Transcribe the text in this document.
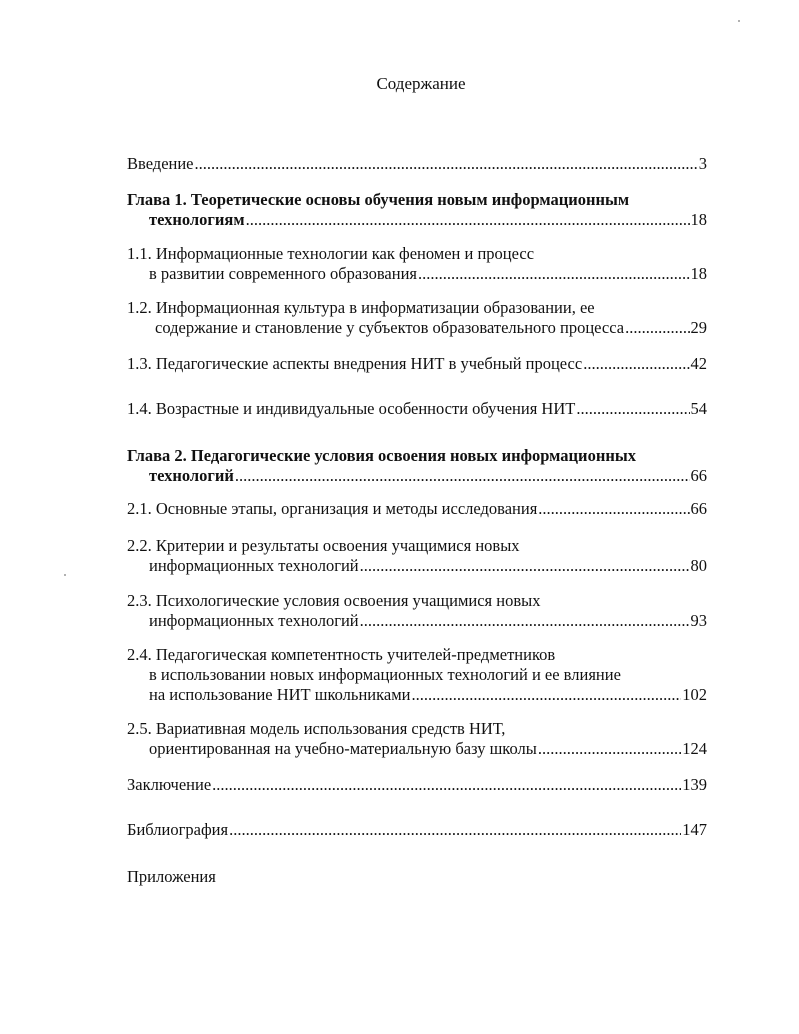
Содержание
Введение .....	3
Глава 1. Теоретические основы обучения новым информационным
технологиям .....	18
1.1. Информационные технологии как феномен и процесс
в развитии современного образования .....	18
1.2. Информационная культура в информатизации образовании, ее
содержание и становление у субъектов образовательного процесса .....	29
1.3. Педагогические аспекты внедрения НИТ в учебный процесс .....	42
1.4. Возрастные и индивидуальные особенности обучения НИТ .....	54
Глава 2. Педагогические условия освоения новых информационных
технологий .....	66
2.1. Основные этапы, организация и методы исследования .....	66
2.2. Критерии и результаты освоения учащимися новых
информационных технологий .....	80
2.3. Психологические условия освоения учащимися новых
информационных технологий .....	93
2.4. Педагогическая компетентность учителей-предметников
в использовании новых информационных технологий и ее влияние
на использование НИТ школьниками .....	102
2.5. Вариативная модель использования средств НИТ,
ориентированная на учебно-материальную базу школы .....	124
Заключение .....	139
Библиография .....	147
Приложения
